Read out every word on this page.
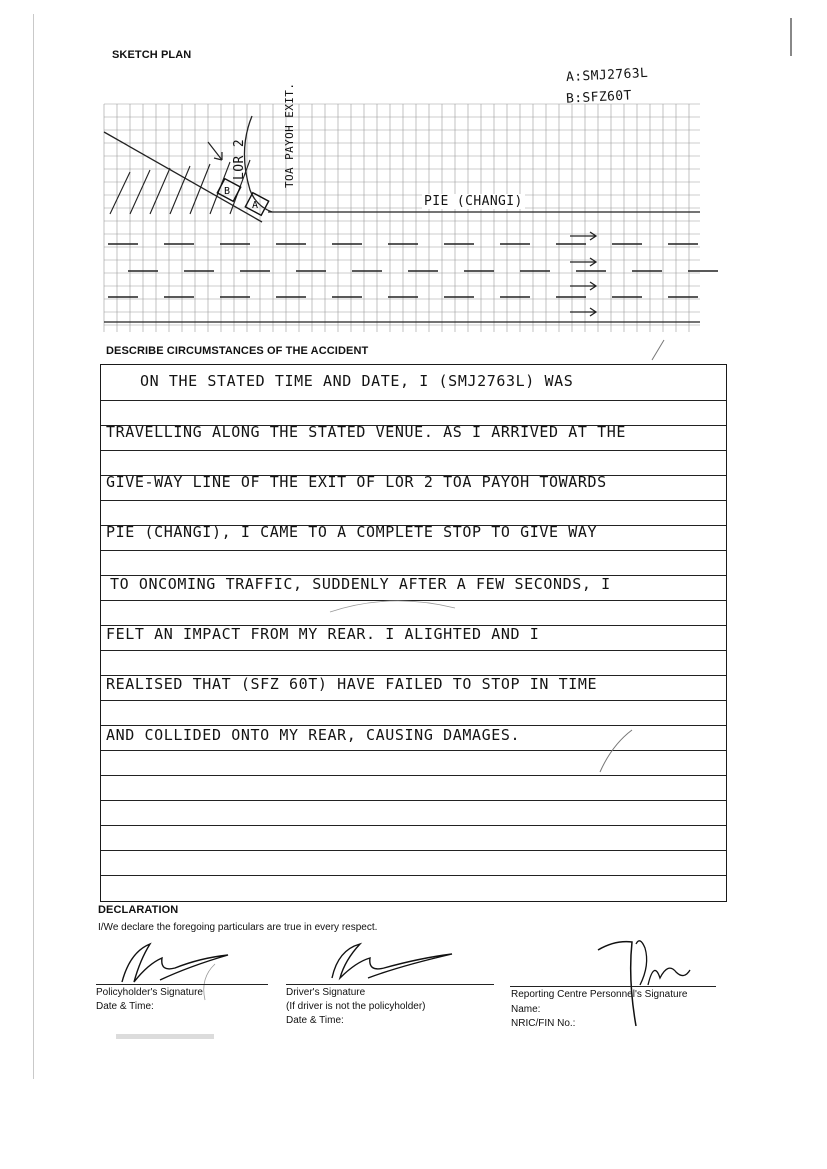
SKETCH PLAN
B
A
A:SMJ2763L
B:SFZ60T
LOR 2	TOA PAYOH EXIT.
PIE (CHANGI)
DESCRIBE CIRCUMSTANCES OF THE ACCIDENT
ON THE STATED TIME AND DATE, I (SMJ2763L) WAS
TRAVELLING ALONG THE STATED VENUE. AS I ARRIVED AT THE
GIVE-WAY LINE OF THE EXIT OF LOR 2 TOA PAYOH TOWARDS
PIE (CHANGI), I CAME TO A COMPLETE STOP TO GIVE WAY
TO ONCOMING TRAFFIC, SUDDENLY AFTER A FEW SECONDS, I
FELT AN IMPACT FROM MY REAR. I ALIGHTED AND I
REALISED THAT (SFZ 60T) HAVE FAILED TO STOP IN TIME
AND COLLIDED ONTO MY REAR, CAUSING DAMAGES.
DECLARATION
I/We declare the foregoing particulars are true in every respect.
Policyholder's Signature
Date & Time:
Driver's Signature
(If driver is not the policyholder)
Date & Time:
Reporting Centre Personnel's Signature
Name:
NRIC/FIN No.:
